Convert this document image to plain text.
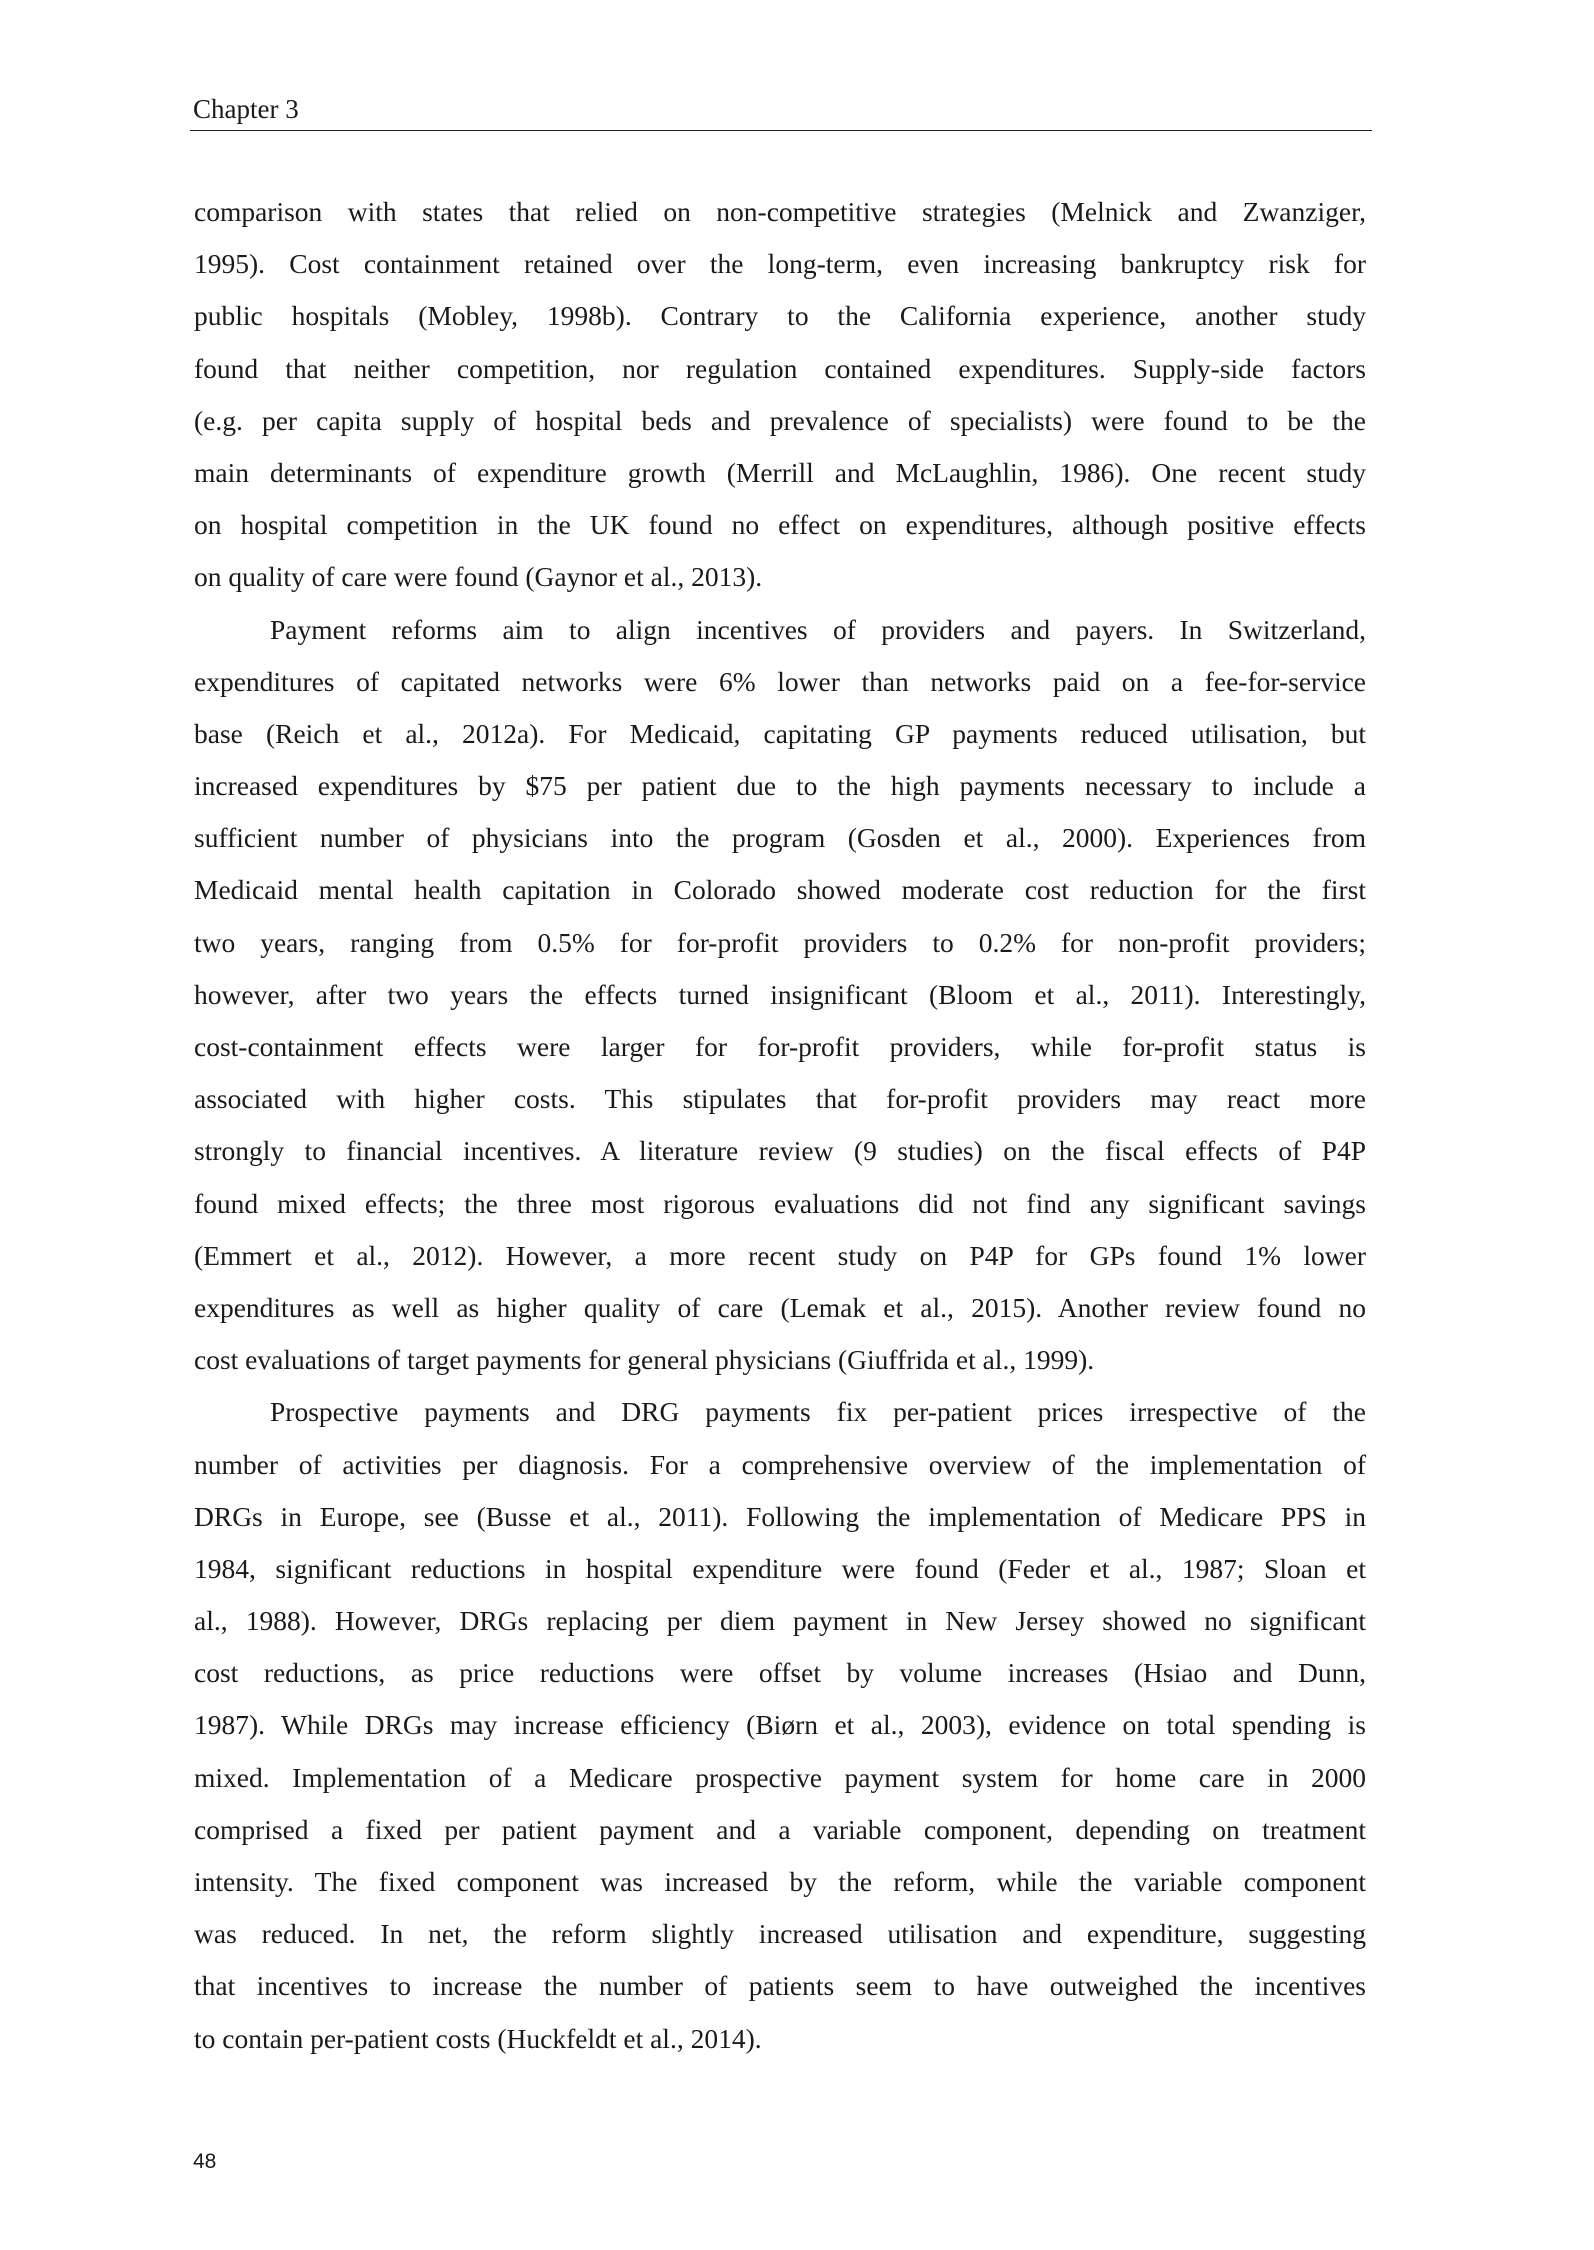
Chapter 3
comparison with states that relied on non-competitive strategies (Melnick and Zwanziger,
1995). Cost containment retained over the long-term, even increasing bankruptcy risk for
public hospitals (Mobley, 1998b). Contrary to the California experience, another study
found that neither competition, nor regulation contained expenditures. Supply-side factors
(e.g. per capita supply of hospital beds and prevalence of specialists) were found to be the
main determinants of expenditure growth (Merrill and McLaughlin, 1986). One recent study
on hospital competition in the UK found no effect on expenditures, although positive effects
on quality of care were found (Gaynor et al., 2013).
Payment reforms aim to align incentives of providers and payers. In Switzerland,
expenditures of capitated networks were 6% lower than networks paid on a fee-for-service
base (Reich et al., 2012a). For Medicaid, capitating GP payments reduced utilisation, but
increased expenditures by $75 per patient due to the high payments necessary to include a
sufficient number of physicians into the program (Gosden et al., 2000). Experiences from
Medicaid mental health capitation in Colorado showed moderate cost reduction for the first
two years, ranging from 0.5% for for-profit providers to 0.2% for non-profit providers;
however, after two years the effects turned insignificant (Bloom et al., 2011). Interestingly,
cost-containment effects were larger for for-profit providers, while for-profit status is
associated with higher costs. This stipulates that for-profit providers may react more
strongly to financial incentives. A literature review (9 studies) on the fiscal effects of P4P
found mixed effects; the three most rigorous evaluations did not find any significant savings
(Emmert et al., 2012). However, a more recent study on P4P for GPs found 1% lower
expenditures as well as higher quality of care (Lemak et al., 2015). Another review found no
cost evaluations of target payments for general physicians (Giuffrida et al., 1999).
Prospective payments and DRG payments fix per-patient prices irrespective of the
number of activities per diagnosis. For a comprehensive overview of the implementation of
DRGs in Europe, see (Busse et al., 2011). Following the implementation of Medicare PPS in
1984, significant reductions in hospital expenditure were found (Feder et al., 1987; Sloan et
al., 1988). However, DRGs replacing per diem payment in New Jersey showed no significant
cost reductions, as price reductions were offset by volume increases (Hsiao and Dunn,
1987). While DRGs may increase efficiency (Biørn et al., 2003), evidence on total spending is
mixed. Implementation of a Medicare prospective payment system for home care in 2000
comprised a fixed per patient payment and a variable component, depending on treatment
intensity. The fixed component was increased by the reform, while the variable component
was reduced. In net, the reform slightly increased utilisation and expenditure, suggesting
that incentives to increase the number of patients seem to have outweighed the incentives
to contain per-patient costs (Huckfeldt et al., 2014).
48
